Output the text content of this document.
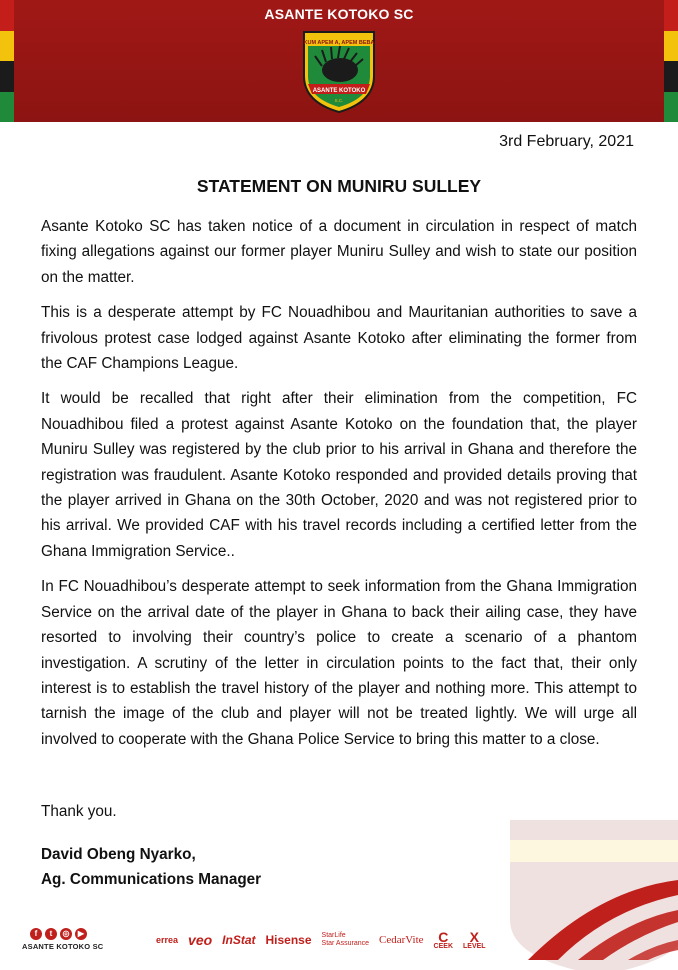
ASANTE KOTOKO SC
KUM APEM A, APEM BEBA
ASANTE KOTOKO
S.C.
3rd February, 2021
STATEMENT ON MUNIRU SULLEY

Asante Kotoko SC has taken notice of a document in circulation in respect of match fixing allegations against our former player Muniru Sulley and wish to state our position on the matter.

This is a desperate attempt by FC Nouadhibou and Mauritanian authorities to save a frivolous protest case lodged against Asante Kotoko after eliminating the former from the CAF Champions League.

It would be recalled that right after their elimination from the competition, FC Nouadhibou filed a protest against Asante Kotoko on the foundation that, the player Muniru Sulley was registered by the club prior to his arrival in Ghana and therefore the registration was fraudulent. Asante Kotoko responded and provided details proving that the player arrived in Ghana on the 30th October, 2020 and was not registered prior to his arrival. We provided CAF with his travel records including a certified letter from the Ghana Immigration Service..

In FC Nouadhibou’s desperate attempt to seek information from the Ghana Immigration Service on the arrival date of the player in Ghana to back their ailing case, they have resorted to involving their country’s police to create a scenario of a phantom investigation. A scrutiny of the letter in circulation points to the fact that, their only interest is to establish the travel history of the player and nothing more. This attempt to tarnish the image of the club and player will not be treated lightly. We will urge all involved to cooperate with the Ghana Police Service to bring this matter to a close.

Thank you.
David Obeng Nyarko,
Ag. Communications Manager
f	t	◎	▶
ASANTE KOTOKO SC
errea veo InStat Hisense StarLife
Star Assurance CedarVite	C
CEEK
X
LEVEL
